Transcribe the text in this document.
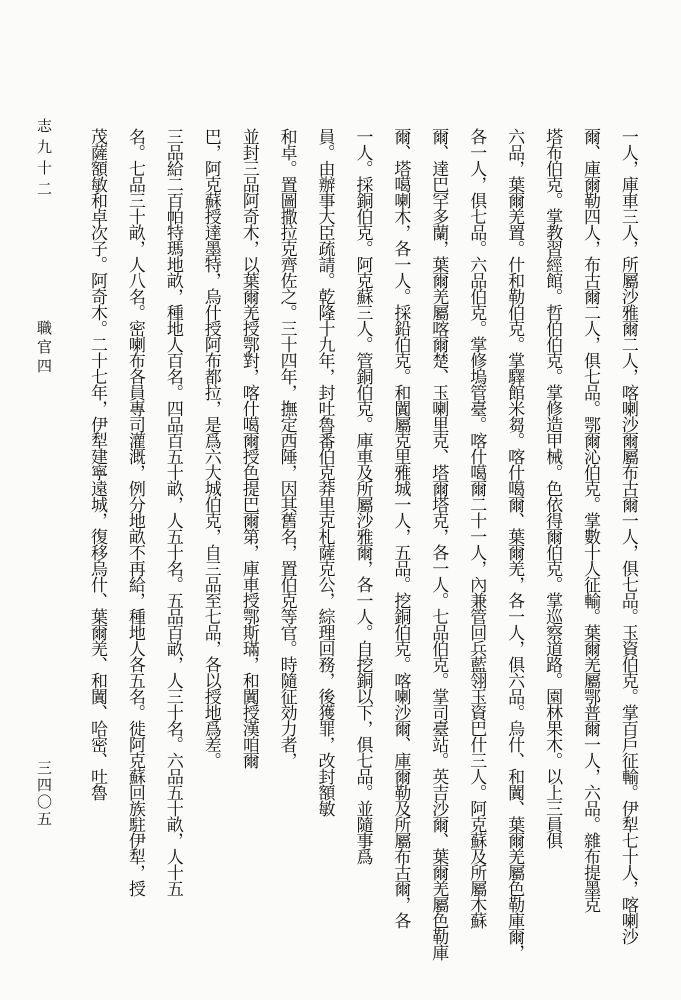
一人，庫車三人，所屬沙雅爾二人，喀喇沙爾屬布古爾一人，俱七品。玉資伯克。掌百戶征輸。伊犁七十人，喀喇沙
爾、庫爾勒四人，布古爾二人，俱七品。鄂爾沁伯克。掌數十人征輸。葉爾羌屬鄂普爾一人，六品。雜布提墨克
塔布伯克。掌教習經館。哲伯伯克。掌修造甲械。色依得爾伯克。掌巡察道路。園林果木。以上三員俱
六品，葉爾羌置。什和勒伯克。掌驛館米芻。喀什噶爾、葉爾羌，各一人，俱六品。烏什、和闐、葉爾羌屬色勒庫爾，
各一人，俱七品。六品伯克。掌修塢管臺。喀什噶爾二十一人，內兼管回兵藍翎玉資巴什三人。阿克蘇及所屬木蘇
爾、達巴罕多蘭，葉爾羌屬喀爾楚、玉喇里克、塔爾塔克，各一人。七品伯克。掌司臺站。英吉沙爾、葉爾羌屬色勒庫
爾、塔噶喇木，各一人。採鉛伯克。和闐屬克里雅城一人，五品。挖銅伯克。喀喇沙爾、庫爾勒及所屬布古爾，各
一人。採銅伯克。阿克蘇三人。管銅伯克。庫車及所屬沙雅爾，各一人。自挖銅以下，俱七品。並隨事爲
員。由辦事大臣疏請。乾隆十九年，封吐魯番伯克莽里克札薩克公，綜理回務，後獲罪，改封額敏
和卓。置圖撒拉克齊佐之。三十四年，撫定西陲，因其舊名，置伯克等官。時隨征効力者，
並封三品阿奇木，以葉爾羌授鄂對，喀什噶爾授色提巴爾第，庫車授鄂斯璊，和闐授漢咱爾
巴，阿克蘇授達墨特，烏什授阿布都拉，是爲六大城伯克，自三品至七品，各以授地爲差。
三品給二百帕特瑪地畝，種地人百名。四品百五十畝，人五十名。五品百畝，人三十名。六品五十畝，人十五
名。七品三十畝，人八名。密喇布各員專司灌溉，例分地畝不再給，種地人各五名。徙阿克蘇回族駐伊犁，授
茂薩額敏和卓次子。阿奇木。二十七年，伊犁建寧遠城，復移烏什、葉爾羌、和闐、哈密、吐魯
志九十二
職官四
三四〇五
